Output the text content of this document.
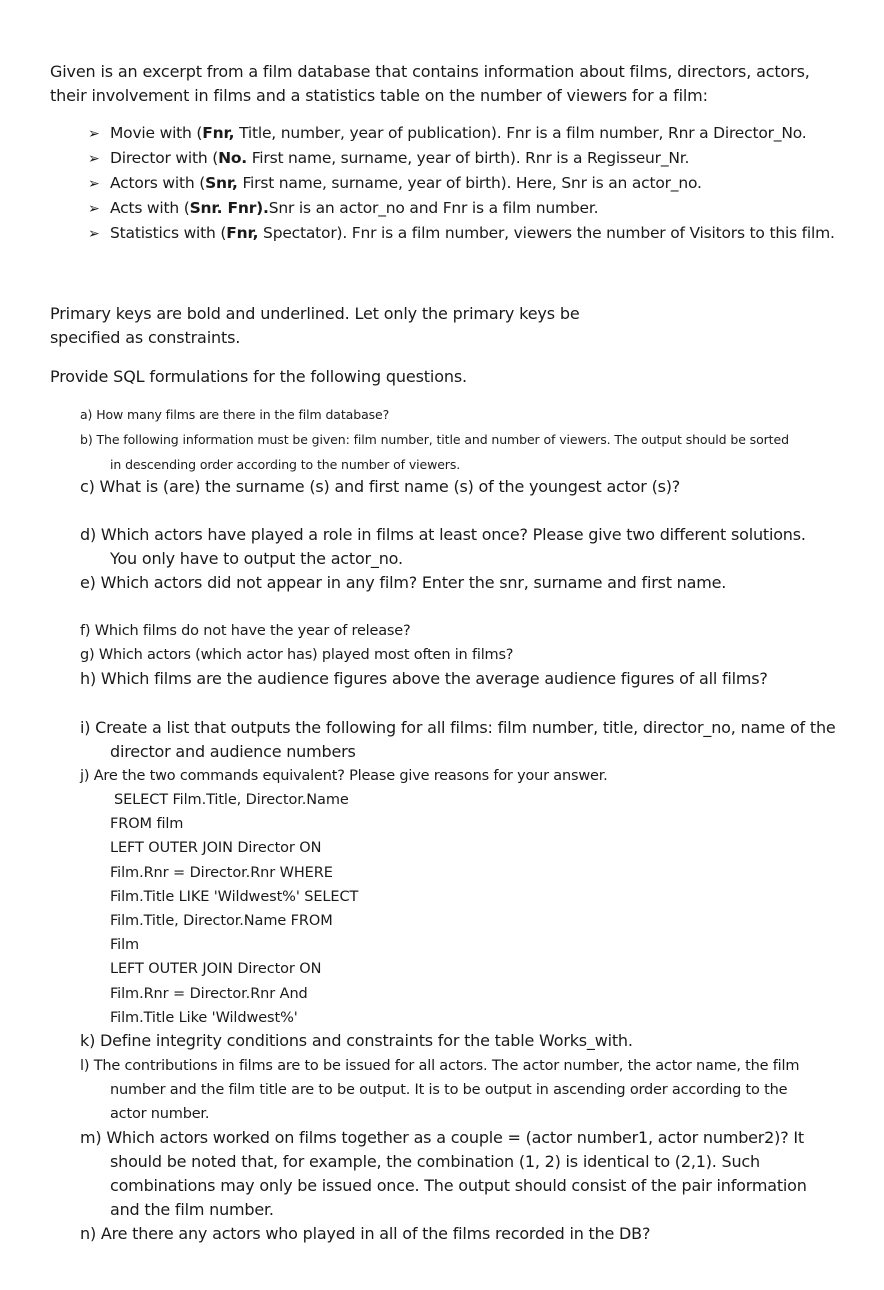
Given is an excerpt from a film database that contains information about films, directors, actors, their involvement in films and a statistics table on the number of viewers for a film:

➢ Movie with (Fnr, Title, number, year of publication). Fnr is a film number, Rnr a Director_No.
➢ Director with (No. First name, surname, year of birth). Rnr is a Regisseur_Nr.
➢ Actors with (Snr, First name, surname, year of birth). Here, Snr is an actor_no.
➢ Acts with (Snr. Fnr).Snr is an actor_no and Fnr is a film number.
➢ Statistics with (Fnr, Spectator). Fnr is a film number, viewers the number of Visitors to this film.

Primary keys are bold and underlined. Let only the primary keys be specified as constraints.

Provide SQL formulations for the following questions.

a) How many films are there in the film database?

b) The following information must be given: film number, title and number of viewers. The output should be sorted in descending order according to the number of viewers.

c) What is (are) the surname (s) and first name (s) of the youngest actor (s)?

d) Which actors have played a role in films at least once? Please give two different solutions. You only have to output the actor_no.

e) Which actors did not appear in any film? Enter the snr, surname and first name.

f) Which films do not have the year of release?

g) Which actors (which actor has) played most often in films?

h) Which films are the audience figures above the average audience figures of all films?

i) Create a list that outputs the following for all films: film number, title, director_no, name of the director and audience numbers

j) Are the two commands equivalent? Please give reasons for your answer.

SELECT Film.Title, Director.Name
FROM film
LEFT OUTER JOIN Director ON
Film.Rnr = Director.Rnr WHERE
Film.Title LIKE 'Wildwest%' SELECT
Film.Title, Director.Name FROM
Film
LEFT OUTER JOIN Director ON
Film.Rnr = Director.Rnr And
Film.Title Like 'Wildwest%'

k) Define integrity conditions and constraints for the table Works_with.

l) The contributions in films are to be issued for all actors. The actor number, the actor name, the film number and the film title are to be output. It is to be output in ascending order according to the actor number.

m) Which actors worked on films together as a couple = (actor number1, actor number2)? It should be noted that, for example, the combination (1, 2) is identical to (2,1). Such combinations may only be issued once. The output should consist of the pair information and the film number.

n) Are there any actors who played in all of the films recorded in the DB?
